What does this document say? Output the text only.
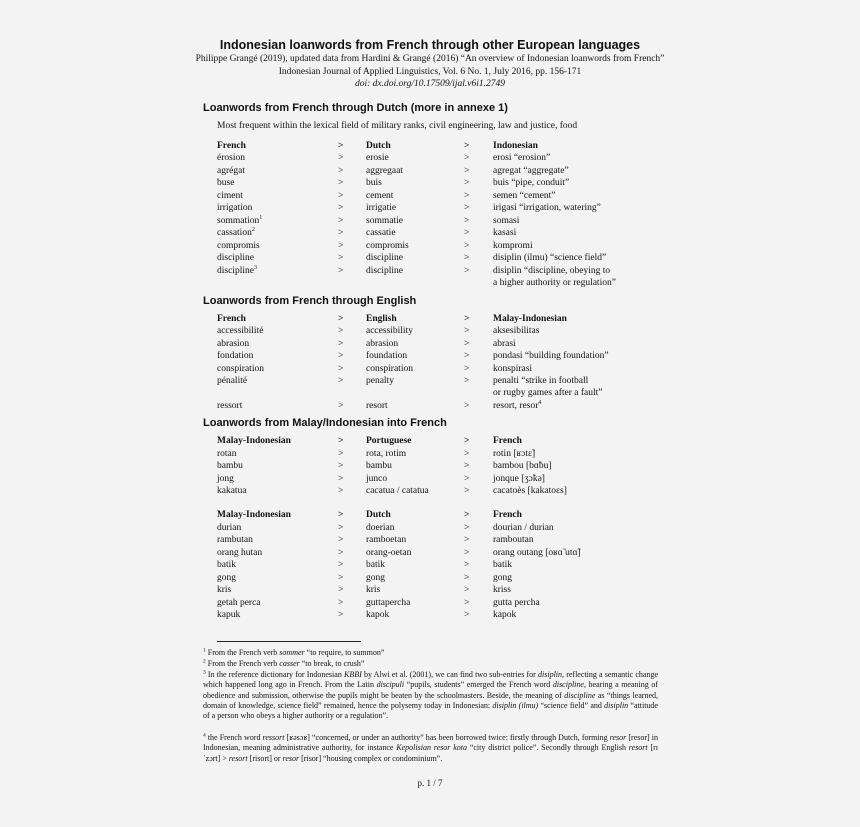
Indonesian loanwords from French through other European languages
Philippe Grangé (2019), updated data from Hardini & Grangé (2016) “An overview of Indonesian loanwords from French” Indonesian Journal of Applied Linguistics, Vol. 6 No. 1, July 2016, pp. 156-171
doi: dx.doi.org/10.17509/ijal.v6i1.2749
Loanwords from French through Dutch (more in annexe 1)
Most frequent within the lexical field of military ranks, civil engineering, law and justice, food
French	> Dutch	> Indonesian
érosion	> erosie	> erosi “erosion”
agrégat	> aggregaat	> agregat “aggregate”
buse	> buis	> buis “pipe, conduit”
ciment	> cement	> semen “cement”
irrigation	> irrigatie	> irigasi “irrigation, watering”
sommation$^1$	> sommatie	> somasi
cassation$^2$	> cassatie	> kasasi
compromis	> compromis	> kompromi
discipline	> discipline	> disiplin (ilmu) “science field”
discipline$^3$	> discipline	> disiplin “discipline, obeying to
a higher authority or regulation”
Loanwords from French through English
French	> English	> Malay-Indonesian
accessibilité	> accessibility	> aksesibilitas
abrasion	> abrasion	> abrasi
fondation	> foundation	> pondasi “building foundation”
conspiration	> conspiration	> konspirasi
pénalité	> penalty	> penalti “strike in football
or rugby games after a fault”
ressort	> resort	> resort, resor$^4$
Loanwords from Malay/Indonesian into French
Malay-Indonesian	> Portuguese	> French
rotan	> rota, rotim	> rotin [ʁɔtɛ̃]
bambu	> bambu	> bambou [bɑ̃bu]
jong	> junco	> jonque [ʒɔ̃kə]
kakatua	> cacatua / catatua	> cacatoès [kakatoɛs]
Malay-Indonesian	> Dutch	> French
durian	> doerian	> dourian / durian
rambutan	> ramboetan	> ramboutan
orang hutan	> orang-oetan	> orang outang [oʁɑ̃ utɑ̃]
batik	> batik	> batik
gong	> gong	> gong
kris	> kris	> kriss
getah perca	> guttapercha	> gutta percha
kapuk	> kapok	> kapok
$^1$ From the French verb sommer “to require, to summon”
$^2$ From the French verb casser “to break, to crush”
$^3$ In the reference dictionary for Indonesian KBBI by Alwi et al. (2001), we can find two sub-entries for disiplin, reflecting a semantic change which happened long ago in French. From the Latin discipuli “pupils, students” emerged the French word discipline, bearing a meaning of obedience and submission, otherwise the pupils might be beaten by the schoolmasters. Beside, the meaning of discipline as “things learned, domain of knowledge, science field” remained, hence the polysemy today in Indonesian: disiplin (ilmu) “science field” and disiplin “attitude of a person who obeys a higher authority or a regulation”.
$^4$ the French word ressort [ʁəsɔʁ] “concerned, or under an authority” has been borrowed twice: firstly through Dutch, forming resor [resor] in Indonesian, meaning administrative authority, for instance Kepolisian resor kota “city district police”. Secondly through English resort [rɪˈzɔrt] > resort [risort] or resor [risor] “housing complex or condominium”.
p. 1 / 7
